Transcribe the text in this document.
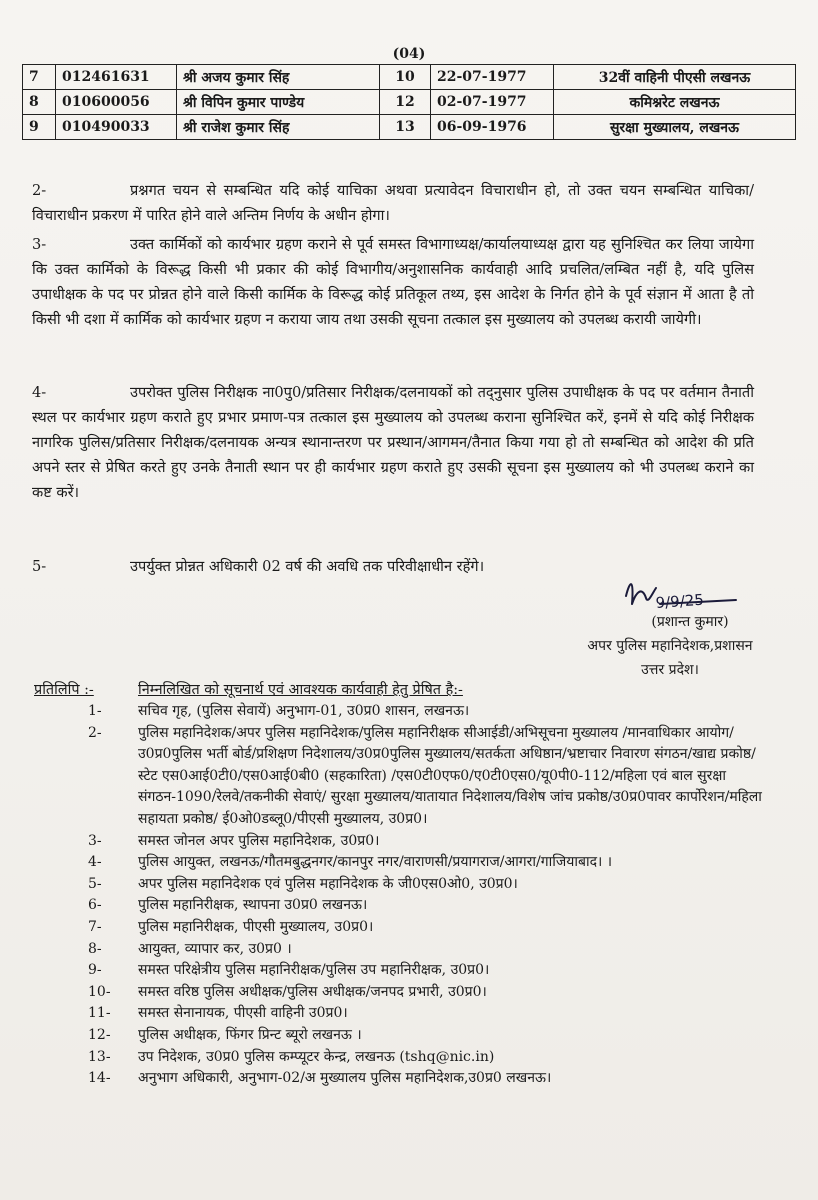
(04)
7	012461631	श्री अजय कुमार सिंह	10	22-07-1977	32वीं वाहिनी पीएसी लखनऊ
8	010600056	श्री विपिन कुमार पाण्डेय	12	02-07-1977	कमिश्नरेट लखनऊ
9	010490033	श्री राजेश कुमार सिंह	13	06-09-1976	सुरक्षा मुख्यालय, लखनऊ
2-	प्रश्नगत चयन से सम्बन्धित यदि कोई याचिका अथवा प्रत्यावेदन विचाराधीन हो, तो उक्त चयन सम्बन्धित याचिका/विचाराधीन प्रकरण में पारित होने वाले अन्तिम निर्णय के अधीन होगा।
3-	उक्त कार्मिकों को कार्यभार ग्रहण कराने से पूर्व समस्त विभागाध्यक्ष/कार्यालयाध्यक्ष द्वारा यह सुनिश्चित कर लिया जायेगा कि उक्त कार्मिको के विरूद्ध किसी भी प्रकार की कोई विभागीय/अनुशासनिक कार्यवाही आदि प्रचलित/लम्बित नहीं है, यदि पुलिस उपाधीक्षक के पद पर प्रोन्नत होने वाले किसी कार्मिक के विरूद्ध कोई प्रतिकूल तथ्य, इस आदेश के निर्गत होने के पूर्व संज्ञान में आता है तो किसी भी दशा में कार्मिक को कार्यभार ग्रहण न कराया जाय तथा उसकी सूचना तत्काल इस मुख्यालय को उपलब्ध करायी जायेगी।
4-	उपरोक्त पुलिस निरीक्षक ना0पु0/प्रतिसार निरीक्षक/दलनायकों को तद्नुसार पुलिस उपाधीक्षक के पद पर वर्तमान तैनाती स्थल पर कार्यभार ग्रहण कराते हुए प्रभार प्रमाण-पत्र तत्काल इस मुख्यालय को उपलब्ध कराना सुनिश्चित करें, इनमें से यदि कोई निरीक्षक नागरिक पुलिस/प्रतिसार निरीक्षक/दलनायक अन्यत्र स्थानान्तरण पर प्रस्थान/आगमन/तैनात किया गया हो तो सम्बन्धित को आदेश की प्रति अपने स्तर से प्रेषित करते हुए उनके तैनाती स्थान पर ही कार्यभार ग्रहण कराते हुए उसकी सूचना इस मुख्यालय को भी उपलब्ध कराने का कष्ट करें।
5-	उपर्युक्त प्रोन्नत अधिकारी 02 वर्ष की अवधि तक परिवीक्षाधीन रहेंगे।
9/9/25
(प्रशान्त कुमार)
अपर पुलिस महानिदेशक,प्रशासन
उत्तर प्रदेश।
प्रतिलिपि :-	निम्नलिखित को सूचनार्थ एवं आवश्यक कार्यवाही हेतु प्रेषित है:-
1-	सचिव गृह, (पुलिस सेवायें) अनुभाग-01, उ0प्र0 शासन, लखनऊ।
2-	पुलिस महानिदेशक/अपर पुलिस महानिदेशक/पुलिस महानिरीक्षक सीआईडी/अभिसूचना मुख्यालय /मानवाधिकार आयोग/उ0प्र0पुलिस भर्ती बोर्ड/प्रशिक्षण निदेशालय/उ0प्र0पुलिस मुख्यालय/सतर्कता अधिष्ठान/भ्रष्टाचार निवारण संगठन/खाद्य प्रकोष्ठ/स्टेट एस0आई0टी0/एस0आई0बी0 (सहकारिता) /एस0टी0एफ0/ए0टी0एस0/यू0पी0-112/महिला एवं बाल सुरक्षा संगठन-1090/रेलवे/तकनीकी सेवाएं/ सुरक्षा मुख्यालय/यातायात निदेशालय/विशेष जांच प्रकोष्ठ/उ0प्र0पावर कार्पोरेशन/महिला सहायता प्रकोष्ठ/ ई0ओ0डब्लू0/पीएसी मुख्यालय, उ0प्र0।
3-	समस्त जोनल अपर पुलिस महानिदेशक, उ0प्र0।
4-	पुलिस आयुक्त, लखनऊ/गौतमबुद्धनगर/कानपुर नगर/वाराणसी/प्रयागराज/आगरा/गाजियाबाद। ।
5-	अपर पुलिस महानिदेशक एवं पुलिस महानिदेशक के जी0एस0ओ0, उ0प्र0।
6-	पुलिस महानिरीक्षक, स्थापना उ0प्र0 लखनऊ।
7-	पुलिस महानिरीक्षक, पीएसी मुख्यालय, उ0प्र0।
8-	आयुक्त, व्यापार कर, उ0प्र0 ।
9-	समस्त परिक्षेत्रीय पुलिस महानिरीक्षक/पुलिस उप महानिरीक्षक, उ0प्र0।
10-	समस्त वरिष्ठ पुलिस अधीक्षक/पुलिस अधीक्षक/जनपद प्रभारी, उ0प्र0।
11-	समस्त सेनानायक, पीएसी वाहिनी उ0प्र0।
12-	पुलिस अधीक्षक, फिंगर प्रिन्ट ब्यूरो लखनऊ ।
13-	उप निदेशक, उ0प्र0 पुलिस कम्प्यूटर केन्द्र, लखनऊ (tshq@nic.in)
14-	अनुभाग अधिकारी, अनुभाग-02/अ मुख्यालय पुलिस महानिदेशक,उ0प्र0 लखनऊ।
